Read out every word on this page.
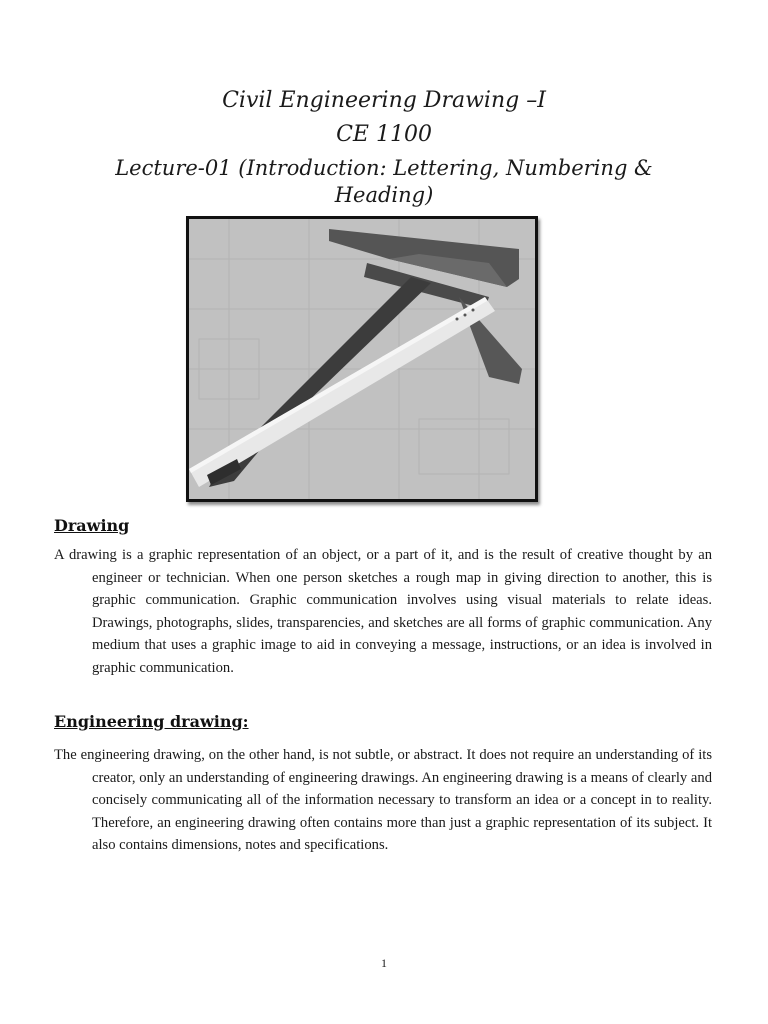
Civil Engineering Drawing –I
CE 1100
Lecture-01 (Introduction: Lettering, Numbering & Heading)
Drawing

A drawing is a graphic representation of an object, or a part of it, and is the result of creative thought by an engineer or technician. When one person sketches a rough map in giving direction to another, this is graphic communication. Graphic communication involves using visual materials to relate ideas. Drawings, photographs, slides, transparencies, and sketches are all forms of graphic communication. Any medium that uses a graphic image to aid in conveying a message, instructions, or an idea is involved in graphic communication.

Engineering drawing:

The engineering drawing, on the other hand, is not subtle, or abstract. It does not require an understanding of its creator, only an understanding of engineering drawings. An engineering drawing is a means of clearly and concisely communicating all of the information necessary to transform an idea or a concept in to reality. Therefore, an engineering drawing often contains more than just a graphic representation of its subject. It also contains dimensions, notes and specifications.

1
